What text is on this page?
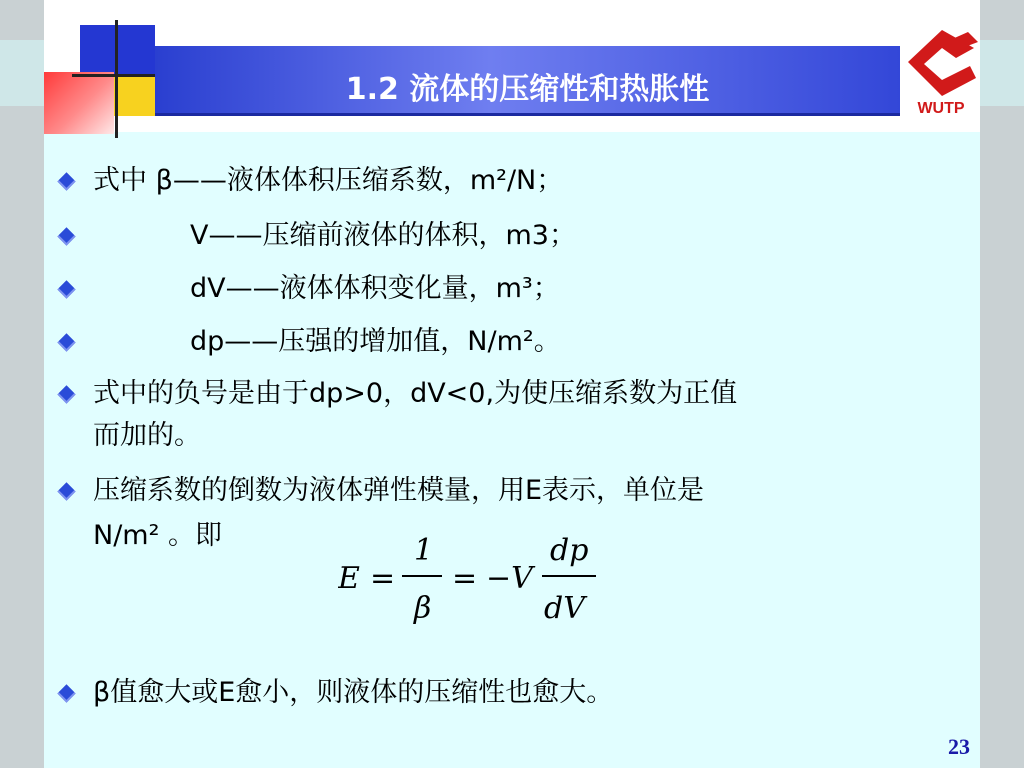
1.2 流体的压缩性和热胀性
WUTP
式中 β——液体体积压缩系数，m²/N；
V——压缩前液体的体积，m3；
dV——液体体积变化量，m³；
dp——压强的增加值，N/m²。
式中的负号是由于dp>0，dV<0,为使压缩系数为正值
而加的。
压缩系数的倒数为液体弹性模量，用E表示，单位是
N/m² 。即
β值愈大或E愈小，则液体的压缩性也愈大。
E =
1
β
= −V
dp
dV
23
